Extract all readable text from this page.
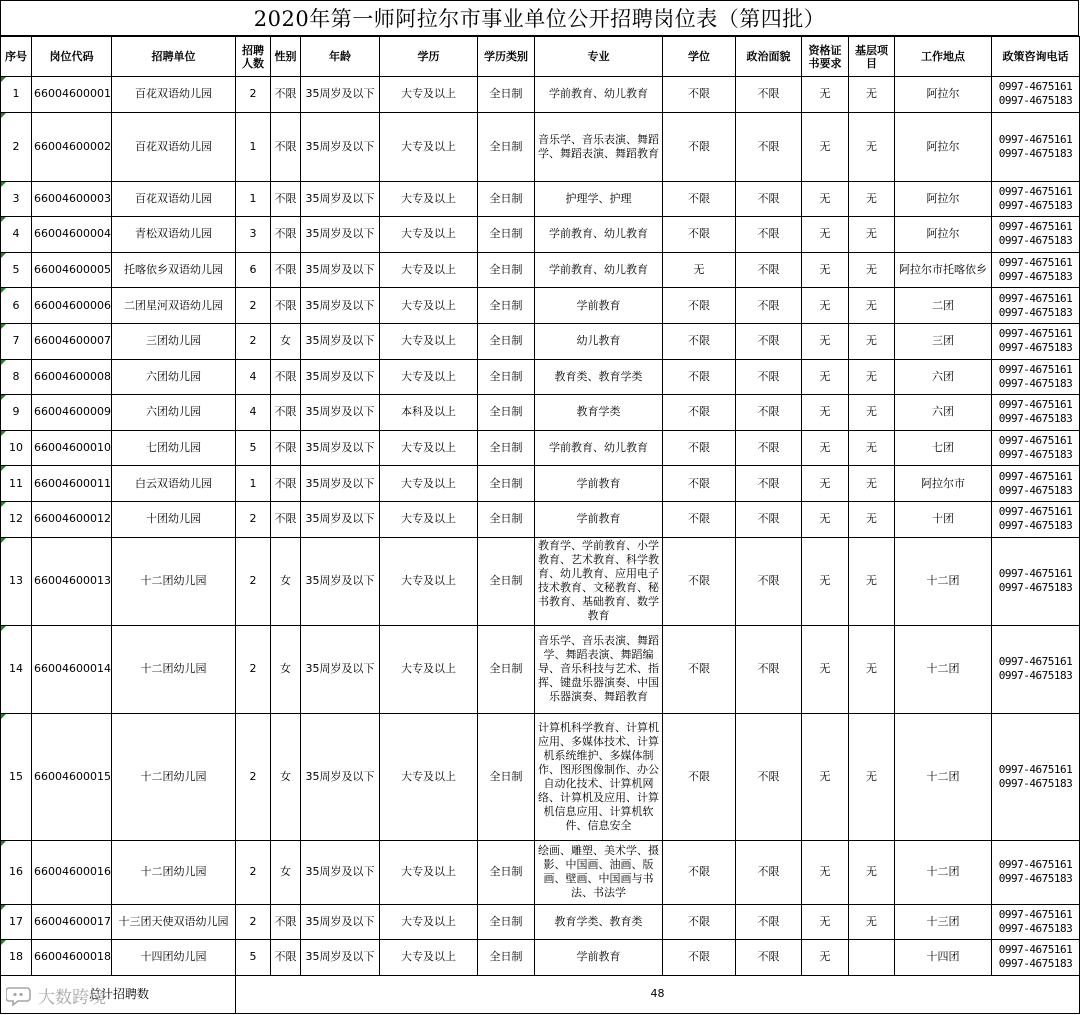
2020年第一师阿拉尔市事业单位公开招聘岗位表（第四批）
序号	岗位代码	招聘单位	招聘人数	性别	年龄	学历	学历类别	专业	学位	政治面貌	资格证书要求	基层项目	工作地点	政策咨询电话
1	66004600001	百花双语幼儿园	2	不限	35周岁及以下	大专及以上	全日制	学前教育、幼儿教育	不限	不限	无	无	阿拉尔	0997-4675161
0997-4675183

2	66004600002	百花双语幼儿园	1	不限	35周岁及以下	大专及以上	全日制	音乐学、音乐表演、舞蹈学、舞蹈表演、舞蹈教育	不限	不限	无	无	阿拉尔	0997-4675161
0997-4675183

3	66004600003	百花双语幼儿园	1	不限	35周岁及以下	大专及以上	全日制	护理学、护理	不限	不限	无	无	阿拉尔	0997-4675161
0997-4675183

4	66004600004	青松双语幼儿园	3	不限	35周岁及以下	大专及以上	全日制	学前教育、幼儿教育	不限	不限	无	无	阿拉尔	0997-4675161
0997-4675183

5	66004600005	托喀依乡双语幼儿园	6	不限	35周岁及以下	大专及以上	全日制	学前教育、幼儿教育	无	不限	无	无	阿拉尔市托喀依乡	0997-4675161
0997-4675183

6	66004600006	二团星河双语幼儿园	2	不限	35周岁及以下	大专及以上	全日制	学前教育	不限	不限	无	无	二团	0997-4675161
0997-4675183

7	66004600007	三团幼儿园	2	女	35周岁及以下	大专及以上	全日制	幼儿教育	不限	不限	无	无	三团	0997-4675161
0997-4675183

8	66004600008	六团幼儿园	4	不限	35周岁及以下	大专及以上	全日制	教育类、教育学类	不限	不限	无	无	六团	0997-4675161
0997-4675183

9	66004600009	六团幼儿园	4	不限	35周岁及以下	本科及以上	全日制	教育学类	不限	不限	无	无	六团	0997-4675161
0997-4675183

10	66004600010	七团幼儿园	5	不限	35周岁及以下	大专及以上	全日制	学前教育、幼儿教育	不限	不限	无	无	七团	0997-4675161
0997-4675183

11	66004600011	白云双语幼儿园	1	不限	35周岁及以下	大专及以上	全日制	学前教育	不限	不限	无	无	阿拉尔市	0997-4675161
0997-4675183

12	66004600012	十团幼儿园	2	不限	35周岁及以下	大专及以上	全日制	学前教育	不限	不限	无	无	十团	0997-4675161
0997-4675183

13	66004600013	十二团幼儿园	2	女	35周岁及以下	大专及以上	全日制	教育学、学前教育、小学教育、艺术教育、科学教育、幼儿教育、应用电子技术教育、文秘教育、秘书教育、基础教育、数学教育	不限	不限	无	无	十二团	0997-4675161
0997-4675183

14	66004600014	十二团幼儿园	2	女	35周岁及以下	大专及以上	全日制	音乐学、音乐表演、舞蹈学、舞蹈表演、舞蹈编导、音乐科技与艺术、指挥、键盘乐器演奏、中国乐器演奏、舞蹈教育	不限	不限	无	无	十二团	0997-4675161
0997-4675183

15	66004600015	十二团幼儿园	2	女	35周岁及以下	大专及以上	全日制	计算机科学教育、计算机应用、多媒体技术、计算机系统维护、多媒体制作、图形图像制作、办公自动化技术、计算机网络、计算机及应用、计算机信息应用、计算机软件、信息安全	不限	不限	无	无	十二团	0997-4675161
0997-4675183

16	66004600016	十二团幼儿园	2	女	35周岁及以下	大专及以上	全日制	绘画、雕塑、美术学、摄影、中国画、油画、版画、壁画、中国画与书法、书法学	不限	不限	无	无	十二团	0997-4675161
0997-4675183

17	66004600017	十三团天使双语幼儿园	2	不限	35周岁及以下	大专及以上	全日制	教育学类、教育类	不限	不限	无	无	十三团	0997-4675161
0997-4675183

18	66004600018	十四团幼儿园	5	不限	35周岁及以下	大专及以上	全日制	学前教育	不限	不限	无		十四团	0997-4675161
0997-4675183

总计招聘数			48											
大数跨境
